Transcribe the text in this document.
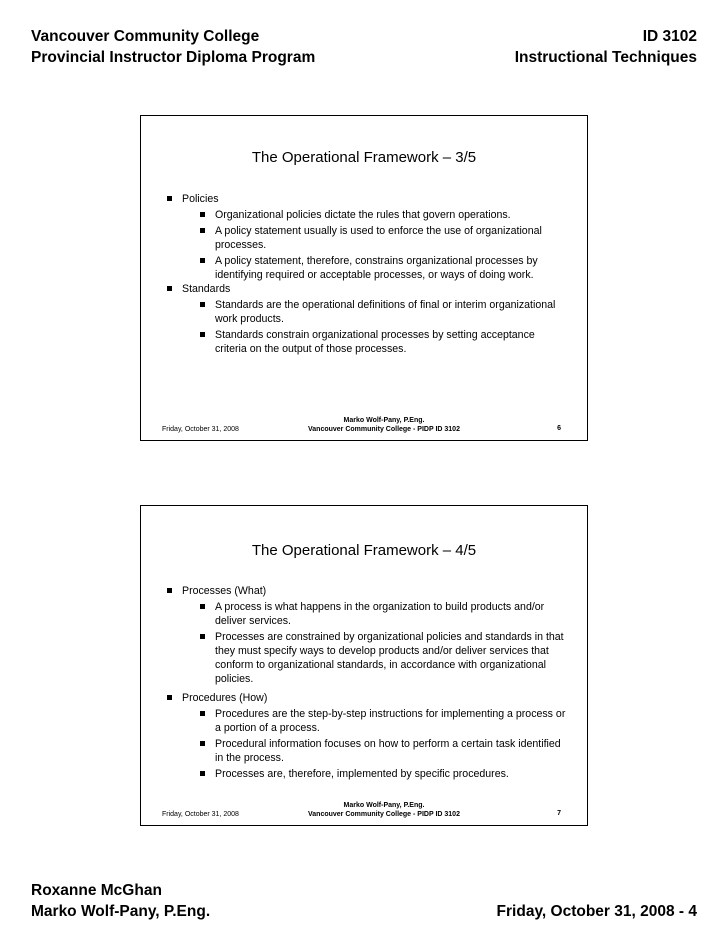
Vancouver Community College
Provincial Instructor Diploma Program
ID 3102
Instructional Techniques
The Operational Framework – 3/5
Policies
Organizational policies dictate the rules that govern operations.
A policy statement usually is used to enforce the use of organizational processes.
A policy statement, therefore, constrains organizational processes by identifying required or acceptable processes, or ways of doing work.
Standards
Standards are the operational definitions of final or interim organizational work products.
Standards constrain organizational processes by setting acceptance criteria on the output of those processes.
Friday, October 31, 2008
Marko Wolf-Pany, P.Eng.
Vancouver Community College - PIDP ID 3102	6
The Operational Framework – 4/5
Processes (What)
A process is what happens in the organization to build products and/or deliver services.
Processes are constrained by organizational policies and standards in that they must specify ways to develop products and/or deliver services that conform to organizational standards, in accordance with organizational policies.
Procedures (How)
Procedures are the step-by-step instructions for implementing a process or a portion of a process.
Procedural information focuses on how to perform a certain task identified in the process.
Processes are, therefore, implemented by specific procedures.
Friday, October 31, 2008
Marko Wolf-Pany, P.Eng.
Vancouver Community College - PIDP ID 3102	7
Roxanne McGhan
Marko Wolf-Pany, P.Eng.	Friday, October 31, 2008 - 4
